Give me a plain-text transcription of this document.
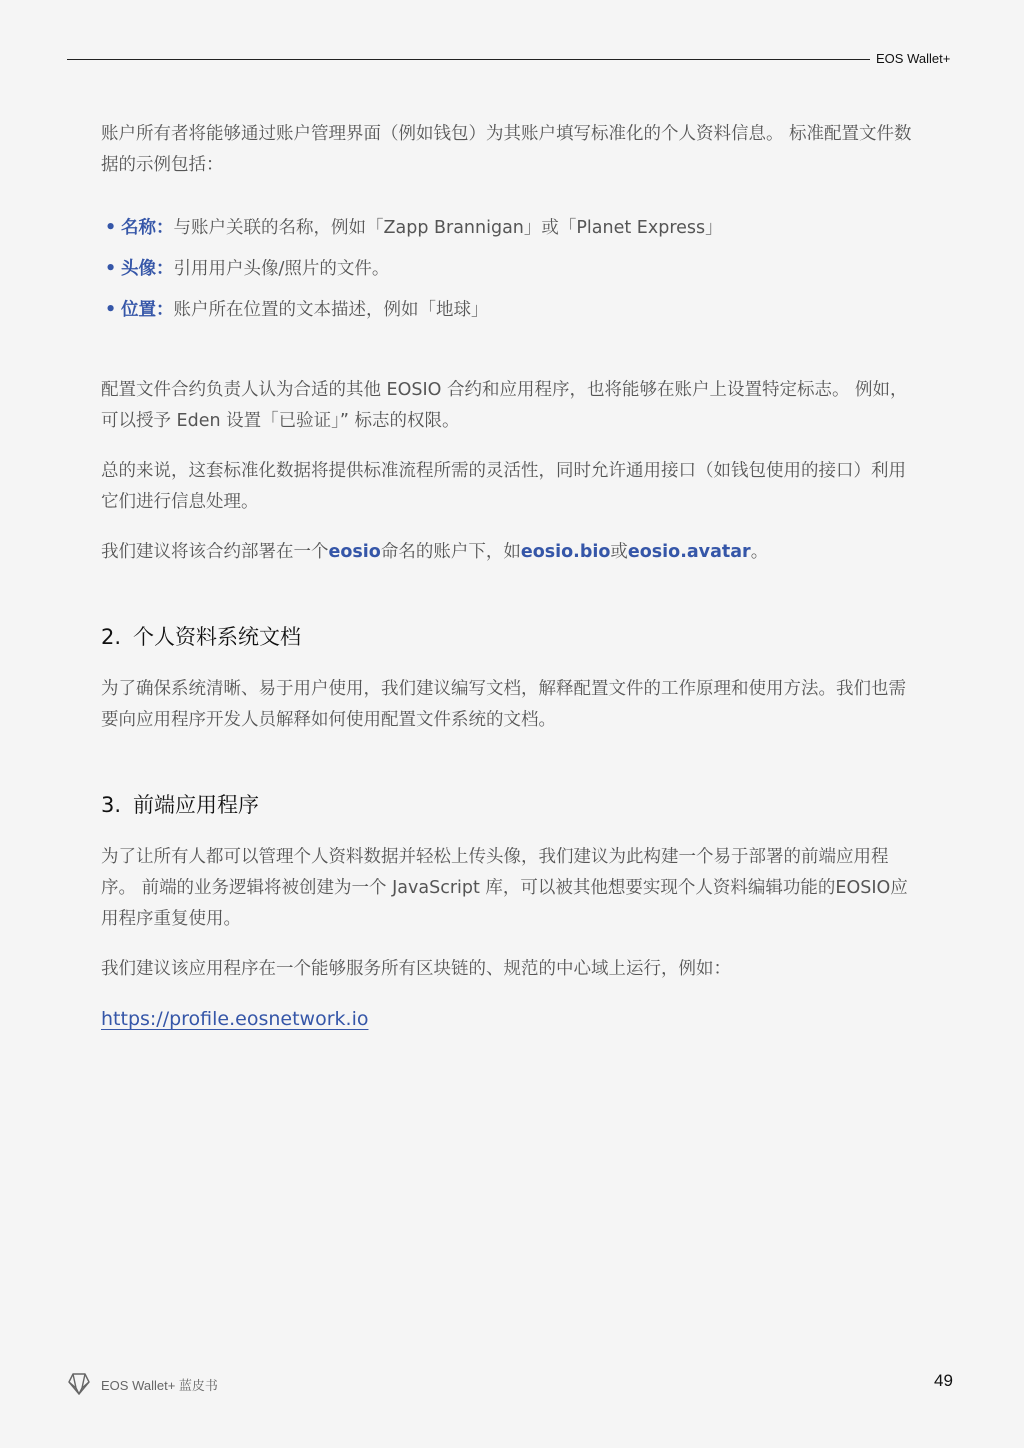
EOS Wallet+

账户所有者将能够通过账户管理界面（例如钱包）为其账户填写标准化的个人资料信息。 标准配置文件数据的示例包括：

• 名称：与账户关联的名称，例如「Zapp Brannigan」或「Planet Express」
• 头像：引用用户头像/照片的文件。
• 位置：账户所在位置的文本描述，例如「地球」

配置文件合约负责人认为合适的其他 EOSIO 合约和应用程序，也将能够在账户上设置特定标志。 例如，可以授予 Eden 设置「已验证」” 标志的权限。

总的来说，这套标准化数据将提供标准流程所需的灵活性，同时允许通用接口（如钱包使用的接口）利用它们进行信息处理。

我们建议将该合约部署在一个eosio命名的账户下，如eosio.bio或eosio.avatar。

2. 个人资料系统文档

为了确保系统清晰、易于用户使用，我们建议编写文档，解释配置文件的工作原理和使用方法。我们也需要向应用程序开发人员解释如何使用配置文件系统的文档。

3. 前端应用程序

为了让所有人都可以管理个人资料数据并轻松上传头像，我们建议为此构建一个易于部署的前端应用程序。 前端的业务逻辑将被创建为一个 JavaScript 库，可以被其他想要实现个人资料编辑功能的EOSIO应用程序重复使用。

我们建议该应用程序在一个能够服务所有区块链的、规范的中心域上运行，例如：

https://profile.eosnetwork.io

EOS Wallet+ 蓝皮书	49
